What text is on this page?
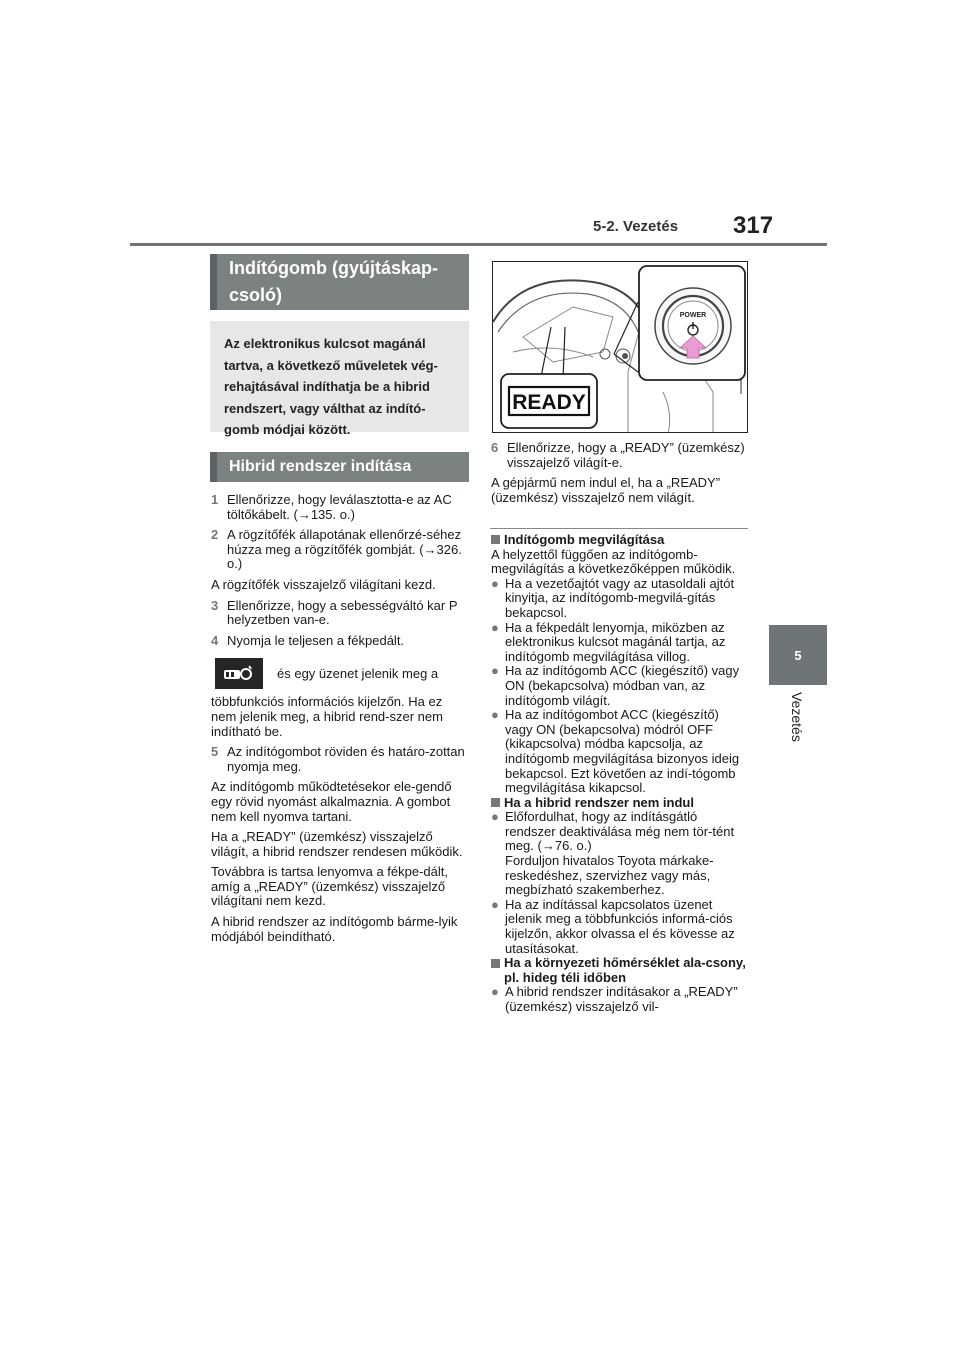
5-2. Vezetés 317
5
Vezetés
Indítógomb (gyújtáskap-
csoló)
Az elektronikus kulcsot magánál
tartva, a következő műveletek vég-
rehajtásával indíthatja be a hibrid
rendszert, vagy válthat az indító-
gomb módjai között.
Hibrid rendszer indítása
1 Ellenőrizze, hogy leválasztotta-e az AC töltőkábelt. (→135. o.)
2 A rögzítőfék állapotának ellenőrzé-séhez húzza meg a rögzítőfék gombját. (→326. o.)
A rögzítőfék visszajelző világítani kezd.
3 Ellenőrizze, hogy a sebességváltó kar P helyzetben van-e.
4 Nyomja le teljesen a fékpedált.
és egy üzenet jelenik meg a
többfunkciós információs kijelzőn. Ha ez nem jelenik meg, a hibrid rend-szer nem indítható be.
5 Az indítógombot röviden és határo-zottan nyomja meg.
Az indítógomb működtetésekor ele-gendő egy rövid nyomást alkalmaznia. A gombot nem kell nyomva tartani.
Ha a „READY” (üzemkész) visszajelző világít, a hibrid rendszer rendesen működik.
Továbbra is tartsa lenyomva a fékpe-dált, amíg a „READY” (üzemkész) visszajelző világítani nem kezd.
A hibrid rendszer az indítógomb bárme-lyik módjából beindítható.
POWER
READY
6 Ellenőrizze, hogy a „READY” (üzemkész) visszajelző világít-e.
A gépjármű nem indul el, ha a „READY” (üzemkész) visszajelző nem világít.
Indítógomb megvilágítása
A helyzettől függően az indítógomb-megvilágítás a következőképpen működik.
● Ha a vezetőajtót vagy az utasoldali ajtót kinyitja, az indítógomb-megvilá-gítás bekapcsol.
● Ha a fékpedált lenyomja, miközben az elektronikus kulcsot magánál tartja, az indítógomb megvilágítása villog.
● Ha az indítógomb ACC (kiegészítő) vagy ON (bekapcsolva) módban van, az indítógomb világít.
● Ha az indítógombot ACC (kiegészítő) vagy ON (bekapcsolva) módról OFF (kikapcsolva) módba kapcsolja, az indítógomb megvilágítása bizonyos ideig bekapcsol. Ezt követően az indí-tógomb megvilágítása kikapcsol.
Ha a hibrid rendszer nem indul
● Előfordulhat, hogy az indításgátló rendszer deaktiválása még nem tör-tént meg. (→76. o.)
Forduljon hivatalos Toyota márkake-reskedéshez, szervizhez vagy más, megbízható szakemberhez.
● Ha az indítással kapcsolatos üzenet jelenik meg a többfunkciós informá-ciós kijelzőn, akkor olvassa el és kövesse az utasításokat.
Ha a környezeti hőmérséklet ala-csony, pl. hideg téli időben
● A hibrid rendszer indításakor a „READY” (üzemkész) visszajelző vil-
